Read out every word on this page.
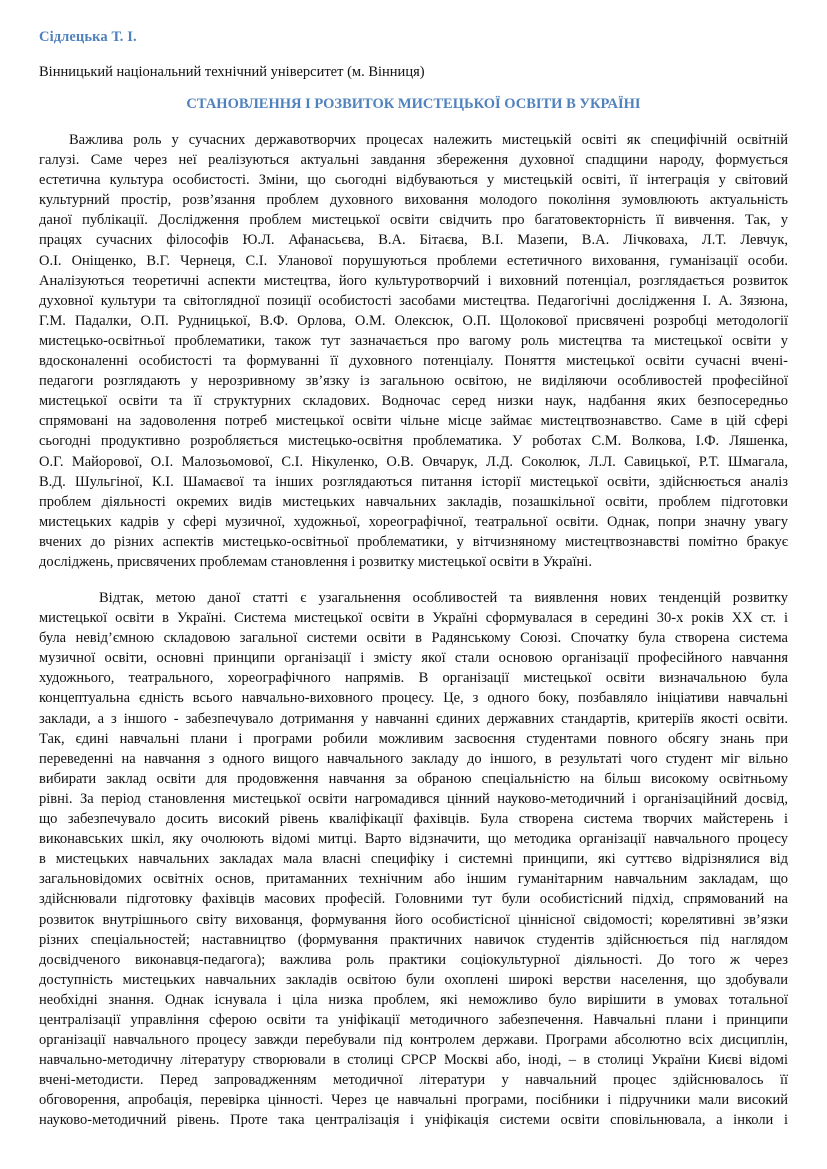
Сідлецька Т. І.
Вінницький національний технічний університет (м. Вінниця)
СТАНОВЛЕННЯ І РОЗВИТОК МИСТЕЦЬКОЇ ОСВІТИ В УКРАЇНІ
Важлива роль у сучасних державотворчих процесах належить мистецькій освіті як специфічній освітній
галузі. Саме через неї реалізуються актуальні завдання збереження духовної спадщини народу, формується
естетична культура особистості. Зміни, що сьогодні відбуваються у мистецькій освіті, її інтеграція у світовий
культурний простір, розв’язання проблем духовного виховання молодого покоління зумовлюють актуальність
даної публікації. Дослідження проблем мистецької освіти свідчить про багатовекторність її вивчення. Так, у
працях сучасних філософів Ю.Л. Афанасьєва, В.А. Бітаєва, В.І. Мазепи, В.А. Лічковаха, Л.Т. Левчук,
О.І. Оніщенко, В.Г. Чернеця, С.І. Уланової порушуються проблеми естетичного виховання, гуманізації особи.
Аналізуються теоретичні аспекти мистецтва, його культуротворчий і виховний потенціал, розглядається розвиток
духовної культури та світоглядної позиції особистості засобами мистецтва. Педагогічні дослідження І. А. Зязюна,
Г.М. Падалки, О.П. Рудницької, В.Ф. Орлова, О.М. Олексюк, О.П. Щолокової присвячені розробці методології
мистецько-освітньої проблематики, також тут зазначається про вагому роль мистецтва та мистецької освіти у
вдосконаленні особистості та формуванні її духовного потенціалу. Поняття мистецької освіти сучасні вчені-
педагоги розглядають у нерозривному зв’язку із загальною освітою, не виділяючи особливостей професійної
мистецької освіти та її структурних складових. Водночас серед низки наук, надбання яких безпосередньо
спрямовані на задоволення потреб мистецької освіти чільне місце займає мистецтвознавство. Саме в цій сфері
сьогодні продуктивно розробляється мистецько-освітня проблематика. У роботах С.М. Волкова, І.Ф. Ляшенка,
О.Г. Майорової, О.І. Малозьомової, С.І. Нікуленко, О.В. Овчарук, Л.Д. Соколюк, Л.Л. Савицької, Р.Т. Шмагала,
В.Д. Шульгіної, К.І. Шамаєвої та інших розглядаються питання історії мистецької освіти, здійснюється аналіз
проблем діяльності окремих видів мистецьких навчальних закладів, позашкільної освіти, проблем підготовки
мистецьких кадрів у сфері музичної, художньої, хореографічної, театральної освіти. Однак, попри значну увагу
вчених до різних аспектів мистецько-освітньої проблематики, у вітчизняному мистецтвознавстві помітно бракує
досліджень, присвячених проблемам становлення і розвитку мистецької освіти в Україні.
Відтак, метою даної статті є узагальнення особливостей та виявлення нових тенденцій розвитку
мистецької освіти в Україні. Система мистецької освіти в Україні сформувалася в середині 30-х років ХХ ст. і
була невід’ємною складовою загальної системи освіти в Радянському Союзі. Спочатку була створена система
музичної освіти, основні принципи організації і змісту якої стали основою організації професійного навчання
художнього, театрального, хореографічного напрямів. В організації мистецької освіти визначальною була
концептуальна єдність всього навчально-виховного процесу. Це, з одного боку, позбавляло ініціативи навчальні
заклади, а з іншого - забезпечувало дотримання у навчанні єдиних державних стандартів, критеріїв якості освіти.
Так, єдині навчальні плани і програми робили можливим засвоєння студентами повного обсягу знань при
переведенні на навчання з одного вищого навчального закладу до іншого, в результаті чого студент міг вільно
вибирати заклад освіти для продовження навчання за обраною спеціальністю на більш високому освітньому
рівні. За період становлення мистецької освіти нагромадився цінний науково-методичний і організаційний досвід,
що забезпечувало досить високий рівень кваліфікації фахівців. Була створена система творчих майстерень і
виконавських шкіл, яку очолюють відомі митці. Варто відзначити, що методика організації навчального процесу
в мистецьких навчальних закладах мала власні специфіку і системні принципи, які суттєво відрізнялися від
загальновідомих освітніх основ, притаманних технічним або іншим гуманітарним навчальним закладам, що
здійснювали підготовку фахівців масових професій. Головними тут були особистісний підхід, спрямований на
розвиток внутрішнього світу вихованця, формування його особистісної ціннісної свідомості; корелятивні зв’язки
різних спеціальностей; наставництво (формування практичних навичок студентів здійснюється під наглядом
досвідченого виконавця-педагога); важлива роль практики соціокультурної діяльності. До того ж через
доступність мистецьких навчальних закладів освітою були охоплені широкі верстви населення, що здобували
необхідні знання. Однак існувала і ціла низка проблем, які неможливо було вирішити в умовах тотальної
централізації управління сферою освіти та уніфікації методичного забезпечення. Навчальні плани і принципи
організації навчального процесу завжди перебували під контролем держави. Програми абсолютно всіх дисциплін,
навчально-методичну літературу створювали в столиці СРСР Москві або, іноді, – в столиці України Києві відомі
вчені-методисти. Перед запровадженням методичної літератури у навчальний процес здійснювалось її
обговорення, апробація, перевірка цінності. Через це навчальні програми, посібники і підручники мали високий
науково-методичний рівень. Проте така централізація і уніфікація системи освіти сповільнювала, а інколи і
